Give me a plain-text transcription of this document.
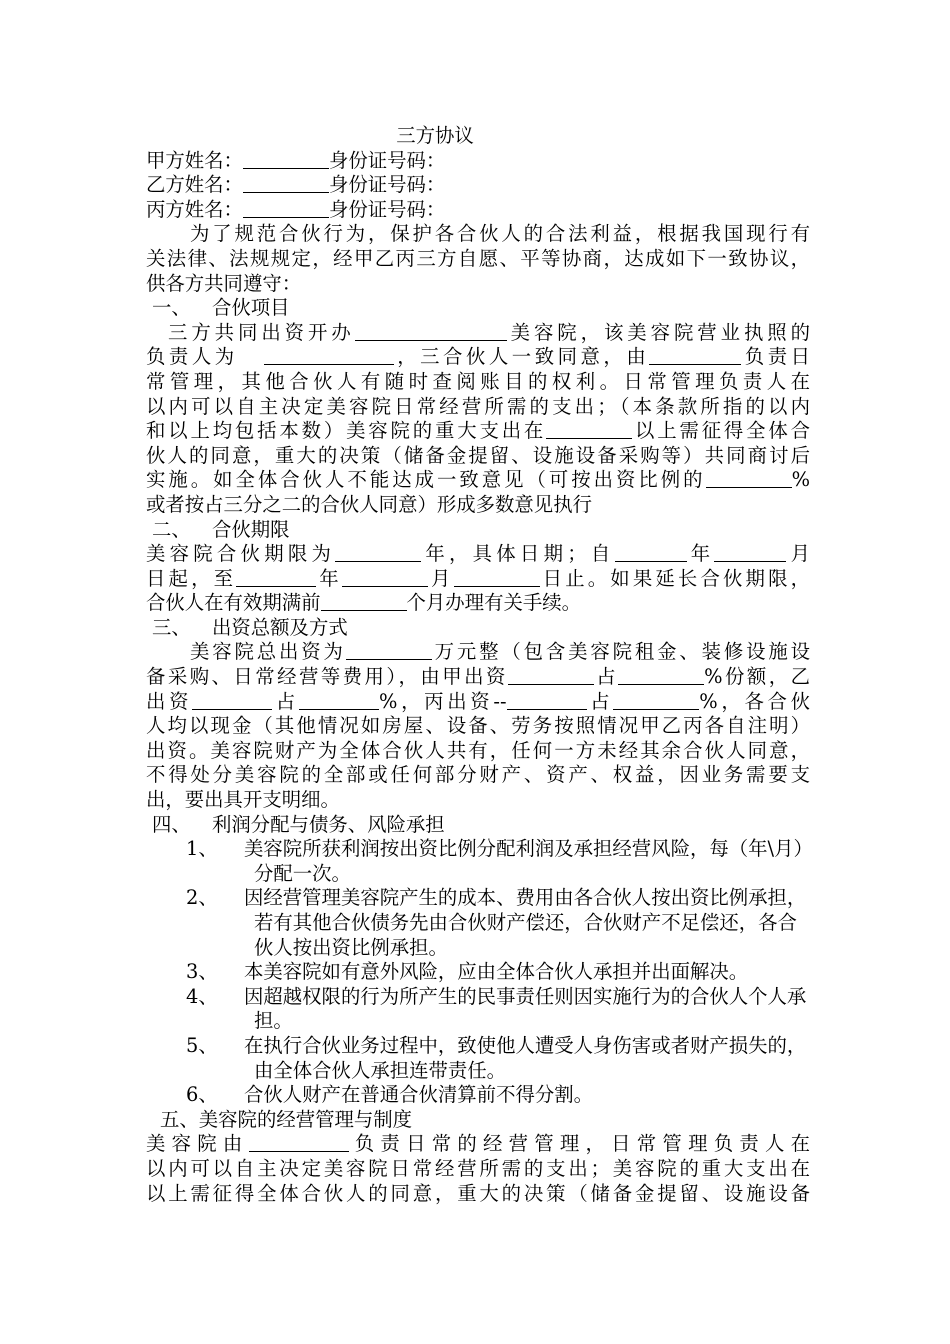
三方协议
甲方姓名：	身份证号码：
乙方姓名：	身份证号码：
丙方姓名：	身份证号码：
为了规范合伙行为，保护各合伙人的合法利益，根据我国现行有
关法律、法规规定，经甲乙丙三方自愿、平等协商，达成如下一致协议，
供各方共同遵守：
一、 合伙项目
三方共同出资开办	美容院，该美容院营业执照的
负责人为	，三合伙人一致同意，由	负责日
常管理，其他合伙人有随时查阅账目的权利。日常管理负责人在
以内可以自主决定美容院日常经营所需的支出；（本条款所指的以内
和以上均包括本数）美容院的重大支出在	以上需征得全体合
伙人的同意，重大的决策（储备金提留、设施设备采购等）共同商讨后
实施。如全体合伙人不能达成一致意见（可按出资比例的	%
或者按占三分之二的合伙人同意）形成多数意见执行
二、 合伙期限
美容院合伙期限为	年，具体日期；自	年	月
日起，至	年	月	日止。如果延长合伙期限，
合伙人在有效期满前	个月办理有关手续。
三、 出资总额及方式
美容院总出资为	万元整（包含美容院租金、装修设施设
备采购、日常经营等费用），由甲出资	占	%份额，乙
出资	占	%，丙出资--	占	%，各合伙
人均以现金（其他情况如房屋、设备、劳务按照情况甲乙丙各自注明）
出资。美容院财产为全体合伙人共有，任何一方未经其余合伙人同意，
不得处分美容院的全部或任何部分财产、资产、权益，因业务需要支
出，要出具开支明细。
四、 利润分配与债务、风险承担
1、 美容院所获利润按出资比例分配利润及承担经营风险，每（年\月）分配一次。
2、 因经营管理美容院产生的成本、费用由各合伙人按出资比例承担，若有其他合伙债务先由合伙财产偿还，合伙财产不足偿还，各合伙人按出资比例承担。
3、 本美容院如有意外风险，应由全体合伙人承担并出面解决。
4、 因超越权限的行为所产生的民事责任则因实施行为的合伙人个人承担。
5、 在执行合伙业务过程中，致使他人遭受人身伤害或者财产损失的，由全体合伙人承担连带责任。
6、 合伙人财产在普通合伙清算前不得分割。
五、美容院的经营管理与制度
美容院由	负责日常的经营管理，日常管理负责人在
以内可以自主决定美容院日常经营所需的支出；美容院的重大支出在
以上需征得全体合伙人的同意，重大的决策（储备金提留、设施设备
